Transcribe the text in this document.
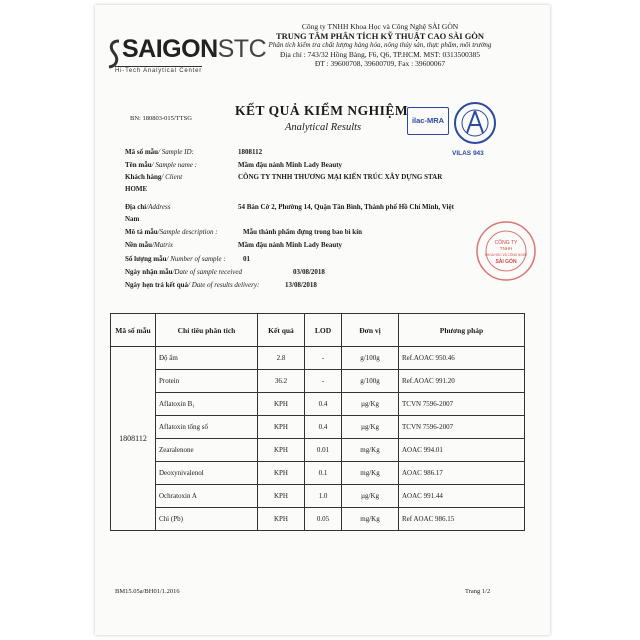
SAIGONSTC
Hi-Tech Analytical Center
Công ty TNHH Khoa Học và Công Nghệ SÀI GÒN
TRUNG TÂM PHÂN TÍCH KỸ THUẬT CAO SÀI GÒN
Phân tích kiểm tra chất lượng hàng hóa, nông thủy sản, thực phẩm, môi trường
Địa chỉ : 743/32 Hồng Bàng, F6, Q6, TP.HCM. MST: 0313500385
ĐT : 39600708, 39600709, Fax : 39600067
BN: 180803-015/TTSG
KẾT QUẢ KIỂM NGHIỆM
Analytical Results
ilac-MRA
VILAS 943
Mã số mẫu/ Sample ID:	1808112
Tên mẫu/ Sample name :	Mầm đậu nành Minh Lady Beauty
Khách hàng/ Client	CÔNG TY TNHH THƯƠNG MẠI KIẾN TRÚC XÂY DỰNG STAR
HOME
Địa chỉ/Address	54 Bàn Cờ 2, Phường 14, Quận Tân Bình, Thành phố Hồ Chí Minh, Việt
Nam
Mô tả mẫu/Sample description :	Mẫu thành phẩm đựng trong bao bì kín
Nền mẫu/Matrix	Mầm đậu nành Minh Lady Beauty
Số lượng mẫu/ Number of sample : 01
Ngày nhận mẫu/Date of sample received	03/08/2018
Ngày hẹn trả kết quả/ Date of results delivery:	13/08/2018
CÔNG TY
TNHH
KHOA HỌC VÀ CÔNG NGHỆ
SÀI GÒN
Mã số mẫu	Chỉ tiêu phân tích	Kết quả	LOD	Đơn vị	Phương pháp
1808112	Độ ẩm	2.8	-	g/100g	Ref.AOAC 950.46
	Protein	36.2	-	g/100g	Ref.AOAC 991.20
	Aflatoxin B₁	KPH	0.4	µg/Kg	TCVN 7596-2007
	Aflatoxin tổng số	KPH	0.4	µg/Kg	TCVN 7596-2007
	Zearalenone	KPH	0.01	mg/Kg	AOAC 994.01
	Deoxynivalenol	KPH	0.1	mg/Kg	AOAC 986.17
	Ochratoxin A	KPH	1.0	µg/Kg	AOAC 991.44
	Chì (Pb)	KPH	0.05	mg/Kg	Ref AOAC 986.15
BM15.05a/BH01/1.2016	Trang 1/2
